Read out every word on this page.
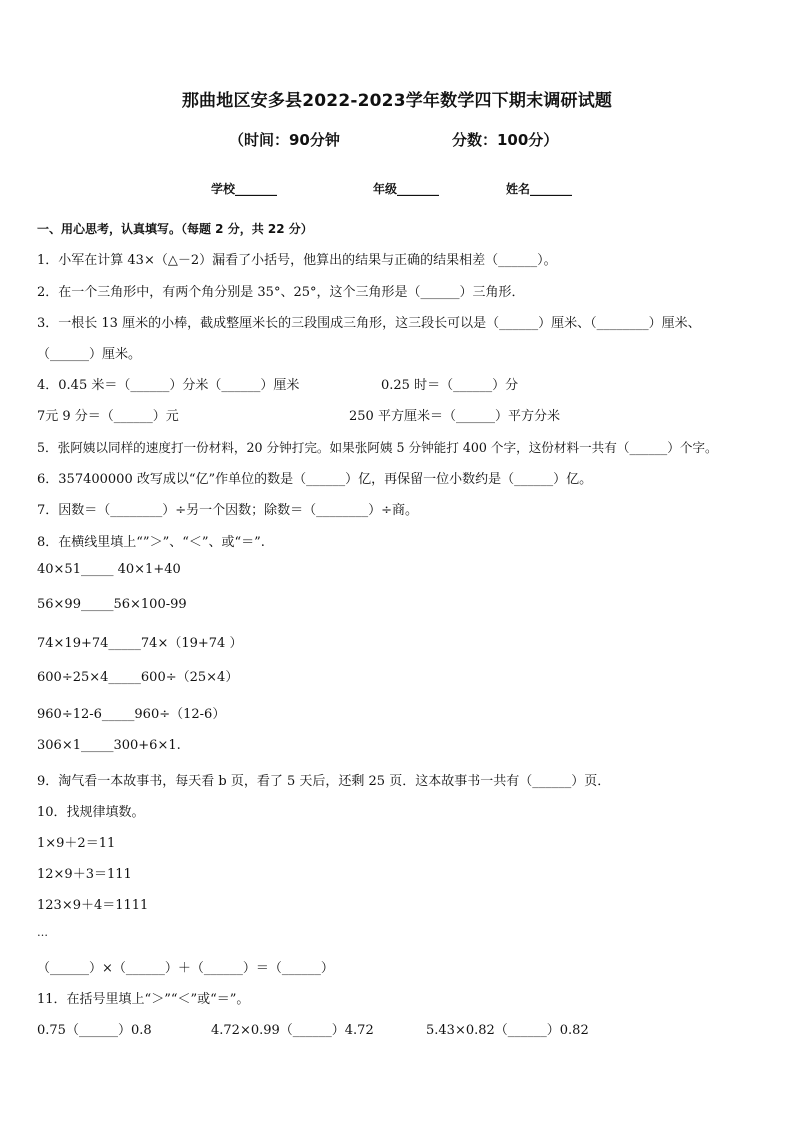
那曲地区安多县2022-2023学年数学四下期末调研试题
（时间：90分钟	分数：100分）
学校_______	年级_______	姓名_______
一、用心思考，认真填写。（每题 2 分，共 22 分）
1．小军在计算 43×（△－2）漏看了小括号，他算出的结果与正确的结果相差（______）。
2．在一个三角形中，有两个角分别是 35°、25°，这个三角形是（______）三角形．
3．一根长 13 厘米的小棒，截成整厘米长的三段围成三角形，这三段长可以是（______）厘米、（________）厘米、
（______）厘米。
4．0.45 米＝（______）分米（______）厘米	0.25 时＝（______）分
7元 9 分＝（______）元	250 平方厘米＝（______）平方分米
5．张阿姨以同样的速度打一份材料，20 分钟打完。如果张阿姨 5 分钟能打 400 个字，这份材料一共有（______）个字。
6．357400000 改写成以“亿”作单位的数是（______）亿，再保留一位小数约是（______）亿。
7．因数＝（________）÷另一个因数；除数＝（________）÷商。
8．在横线里填上“”＞”、“＜”、或“＝”.
40×51_____ 40×1+40
56×99_____56×100-99
74×19+74_____74×（19+74 ）
600÷25×4_____600÷（25×4）
960÷12-6_____960÷（12-6）
306×1_____300+6×1.
9．淘气看一本故事书，每天看 b 页，看了 5 天后，还剩 25 页．这本故事书一共有（______）页．
10．找规律填数。
1×9＋2＝11
12×9＋3＝111
123×9＋4＝1111
…
（______）×（______）＋（______）＝（______）
11．在括号里填上“＞”“＜”或“＝”。
0.75（______）0.8	4.72×0.99（______）4.72	5.43×0.82（______）0.82
